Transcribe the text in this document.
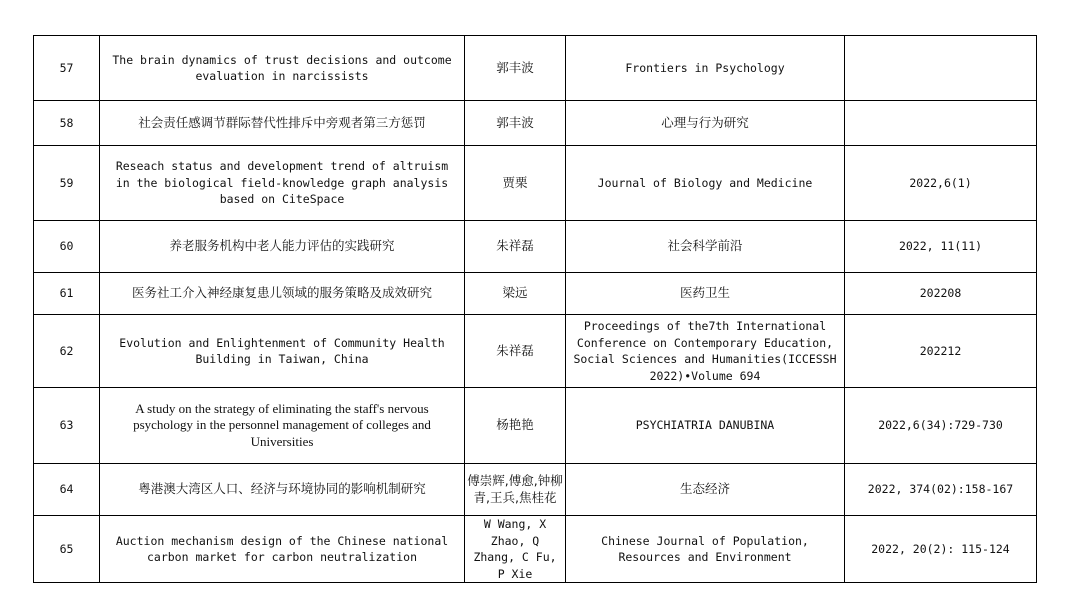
57	The brain dynamics of trust decisions and outcome evaluation in narcissists	郭丰波	Frontiers in Psychology	
58	社会责任感调节群际替代性排斥中旁观者第三方惩罚	郭丰波	心理与行为研究	
59	Reseach status and development trend of altruism in the biological field-knowledge graph analysis based on CiteSpace	贾栗	Journal of Biology and Medicine	2022,6(1)
60	养老服务机构中老人能力评估的实践研究	朱祥磊	社会科学前沿	2022, 11(11)
61	医务社工介入神经康复患儿领域的服务策略及成效研究	梁远	医药卫生	202208
62	Evolution and Enlightenment of Community Health Building in Taiwan, China	朱祥磊	Proceedings of the7th International Conference on Contemporary Education, Social Sciences and Humanities(ICCESSH 2022)•Volume 694	202212
63	A study on the strategy of eliminating the staff's nervous psychology in the personnel management of colleges and Universities	杨艳艳	PSYCHIATRIA DANUBINA	2022,6(34):729-730
64	粤港澳大湾区人口、经济与环境协同的影响机制研究	傅崇辉,傅愈,钟柳青,王兵,焦桂花	生态经济	2022, 374(02):158-167
65	Auction mechanism design of the Chinese national carbon market for carbon neutralization	W Wang, X Zhao, Q Zhang, C Fu, P Xie	Chinese Journal of Population, Resources and Environment	2022, 20(2): 115-124
